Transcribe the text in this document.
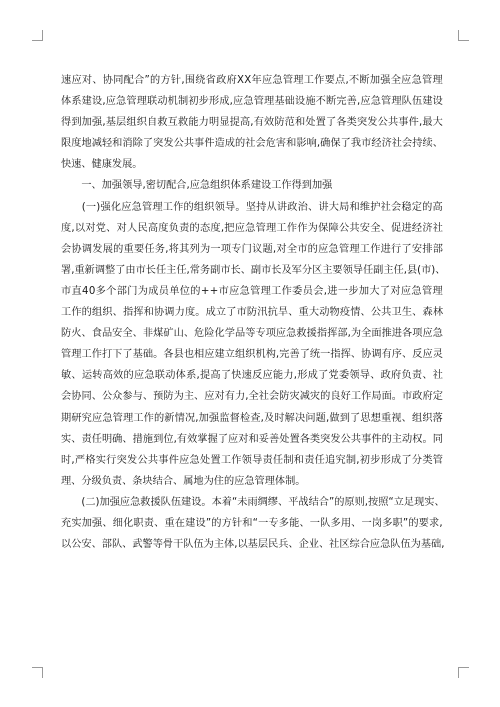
速 应 对 、 协 同 配 合 ” 的 方 针 , 围 绕 省 政 府 X X 年 应 急 管 理 工 作 要 点 , 不 断 加 强 全 应 急 管 理
体 系 建 设 , 应 急 管 理 联 动 机 制 初 步 形 成 , 应 急 管 理 基 础 设 施 不 断 完 善 , 应 急 管 理 队 伍 建 设
得 到 加 强 , 基 层 组 织 自 救 互 救 能 力 明 显 提 高 , 有 效 防 范 和 处 置 了 各 类 突 发 公 共 事 件 , 最 大
限 度 地 减 轻 和 消 除 了 突 发 公 共 事 件 造 成 的 社 会 危 害 和 影 响 , 确 保 了 我 市 经 济 社 会 持 续 、
快速、健康发展。
　　一、加强领导,密切配合,应急组织体系建设工作得到加强

( 一 ) 强 化 应 急 管 理 工 作 的 组 织 领 导 。 坚 持 从 讲 政 治 、 讲 大 局 和 维 护 社 会 稳 定 的 高
度 , 以 对 党 、 对 人 民 高 度 负 责 的 态 度 , 把 应 急 管 理 工 作 作 为 保 障 公 共 安 全 、 促 进 经 济 社
会 协 调 发 展 的 重 要 任 务 , 将 其 列 为 一 项 专 门 议 题 , 对 全 市 的 应 急 管 理 工 作 进 行 了 安 排 部
署 , 重 新 调 整 了 由 市 长 任 主 任 , 常 务 副 市 长 、 副 市 长 及 军 分 区 主 要 领 导 任 副 主 任 , 县 ( 市 ) 、
市 直 4 0 多 个 部 门 为 成 员 单 位 的 + + 市 应 急 管 理 工 作 委 员 会 , 进 一 步 加 大 了 对 应 急 管 理
工 作 的 组 织 、 指 挥 和 协 调 力 度 。 成 立 了 市 防 汛 抗 旱 、 重 大 动 物 疫 情 、 公 共 卫 生 、 森 林
防 火 、 食 品 安 全 、 非 煤 矿 山 、 危 险 化 学 品 等 专 项 应 急 救 援 指 挥 部 , 为 全 面 推 进 各 项 应 急
管 理 工 作 打 下 了 基 础 。 各 县 也 相 应 建 立 组 织 机 构 , 完 善 了 统 一 指 挥 、 协 调 有 序 、 反 应 灵
敏 、 运 转 高 效 的 应 急 联 动 体 系 , 提 高 了 快 速 反 应 能 力 , 形 成 了 党 委 领 导 、 政 府 负 责 、 社
会 协 同 、 公 众 参 与 、 预 防 为 主 、 应 对 有 力 , 全 社 会 防 灾 减 灾 的 良 好 工 作 局 面 。 市 政 府 定
期 研 究 应 急 管 理 工 作 的 新 情 况 , 加 强 监 督 检 查 , 及 时 解 决 问 题 , 做 到 了 思 想 重 视 、 组 织 落
实 、 责 任 明 确 、 措 施 到 位 , 有 效 掌 握 了 应 对 和 妥 善 处 置 各 类 突 发 公 共 事 件 的 主 动 权 。 同
时 , 严 格 实 行 突 发 公 共 事 件 应 急 处 置 工 作 领 导 责 任 制 和 责 任 追 究 制 , 初 步 形 成 了 分 类 管
理、分级负责、条块结合、属地为住的应急管理体制。

( 二 ) 加 强 应 急 救 援 队 伍 建 设 。 本 着 “ 未 雨 绸 缪 、 平 战 结 合 ” 的 原 则 , 按 照 “ 立 足 现 实 、
充 实 加 强 、 细 化 职 责 、 重 在 建 设 ” 的 方 针 和 “ 一 专 多 能 、 一 队 多 用 、 一 岗 多 职 ” 的 要 求 ,
以 公 安 、 部 队 、 武 警 等 骨 干 队 伍 为 主 体 , 以 基 层 民 兵 、 企 业 、 社 区 综 合 应 急 队 伍 为 基 础 ,
